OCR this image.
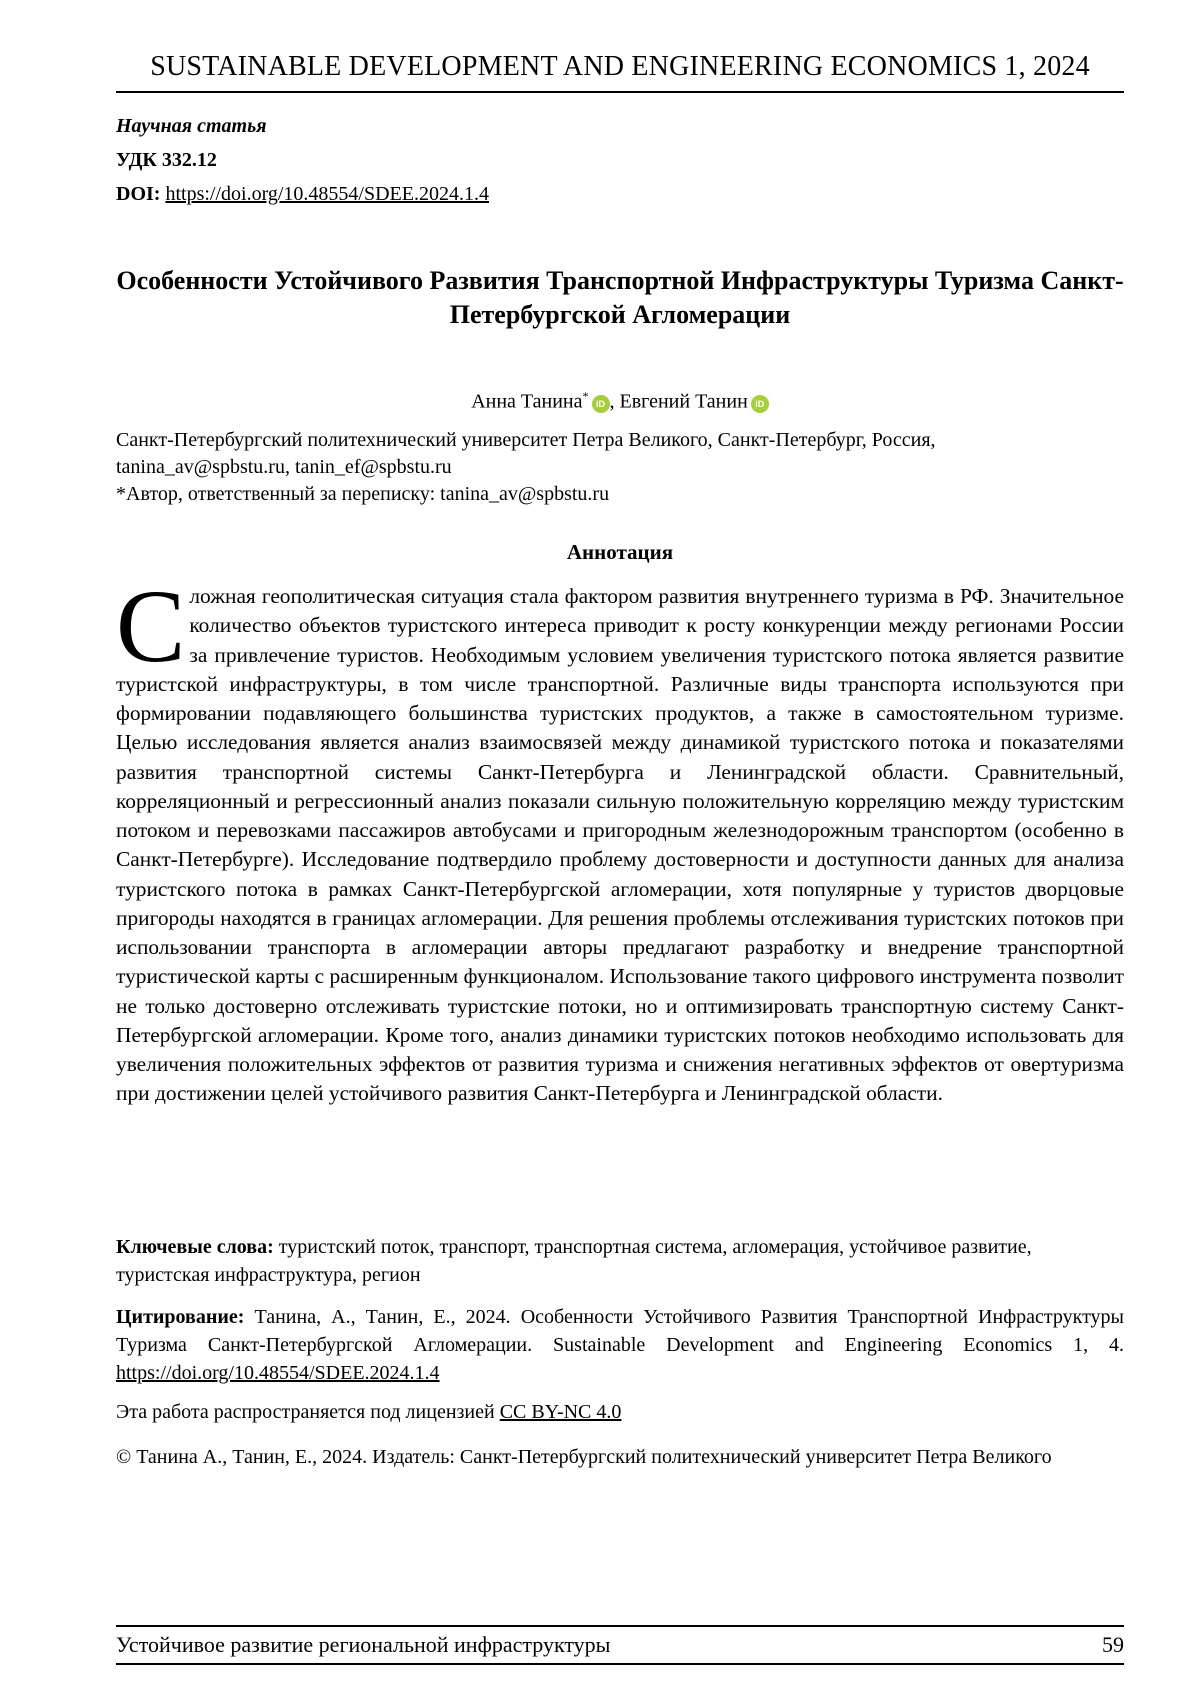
SUSTAINABLE DEVELOPMENT AND ENGINEERING ECONOMICS 1, 2024
Научная статья
УДК 332.12
DOI: https://doi.org/10.48554/SDEE.2024.1.4
Особенности Устойчивого Развития Транспортной Инфраструктуры Туризма Санкт-Петербургской Агломерации
Анна Танина*iD , Евгений Танин iD
Санкт-Петербургский политехнический университет Петра Великого, Санкт-Петербург, Россия,
tanina_av@spbstu.ru, tanin_ef@spbstu.ru
*Автор, ответственный за переписку: tanina_av@spbstu.ru
Аннотация
Сложная геополитическая ситуация стала фактором развития внутреннего туризма в РФ. Значительное количество объектов туристского интереса приводит к росту конкуренции между регионами России за привлечение туристов. Необходимым условием увеличения туристского потока является развитие туристской инфраструктуры, в том числе транспортной. Различные виды транспорта используются при формировании подавляющего большинства туристских продуктов, а также в самостоятельном туризме. Целью исследования является анализ взаимосвязей между динамикой туристского потока и показателями развития транспортной системы Санкт-Петербурга и Ленинградской области. Сравнительный, корреляционный и регрессионный анализ показали сильную положительную корреляцию между туристским потоком и перевозками пассажиров автобусами и пригородным железнодорожным транспортом (особенно в Санкт-Петербурге). Исследование подтвердило проблему достоверности и доступности данных для анализа туристского потока в рамках Санкт-Петербургской агломерации, хотя популярные у туристов дворцовые пригороды находятся в границах агломерации. Для решения проблемы отслеживания туристских потоков при использовании транспорта в агломерации авторы предлагают разработку и внедрение транспортной туристической карты с расширенным функционалом. Использование такого цифрового инструмента позволит не только достоверно отслеживать туристские потоки, но и оптимизировать транспортную систему Санкт-Петербургской агломерации. Кроме того, анализ динамики туристских потоков необходимо использовать для увеличения положительных эффектов от развития туризма и снижения негативных эффектов от овертуризма при достижении целей устойчивого развития Санкт-Петербурга и Ленинградской области.
Ключевые слова: туристский поток, транспорт, транспортная система, агломерация, устойчивое развитие, туристская инфраструктура, регион
Цитирование: Танина, А., Танин, Е., 2024. Особенности Устойчивого Развития Транспортной Инфраструктуры Туризма Санкт-Петербургской Агломерации. Sustainable Development and Engineering Economics 1, 4. https://doi.org/10.48554/SDEE.2024.1.4
Эта работа распространяется под лицензией CC BY-NC 4.0
© Танина А., Танин, Е., 2024. Издатель: Санкт-Петербургский политехнический университет Петра Великого
Устойчивое развитие региональной инфраструктуры	59
